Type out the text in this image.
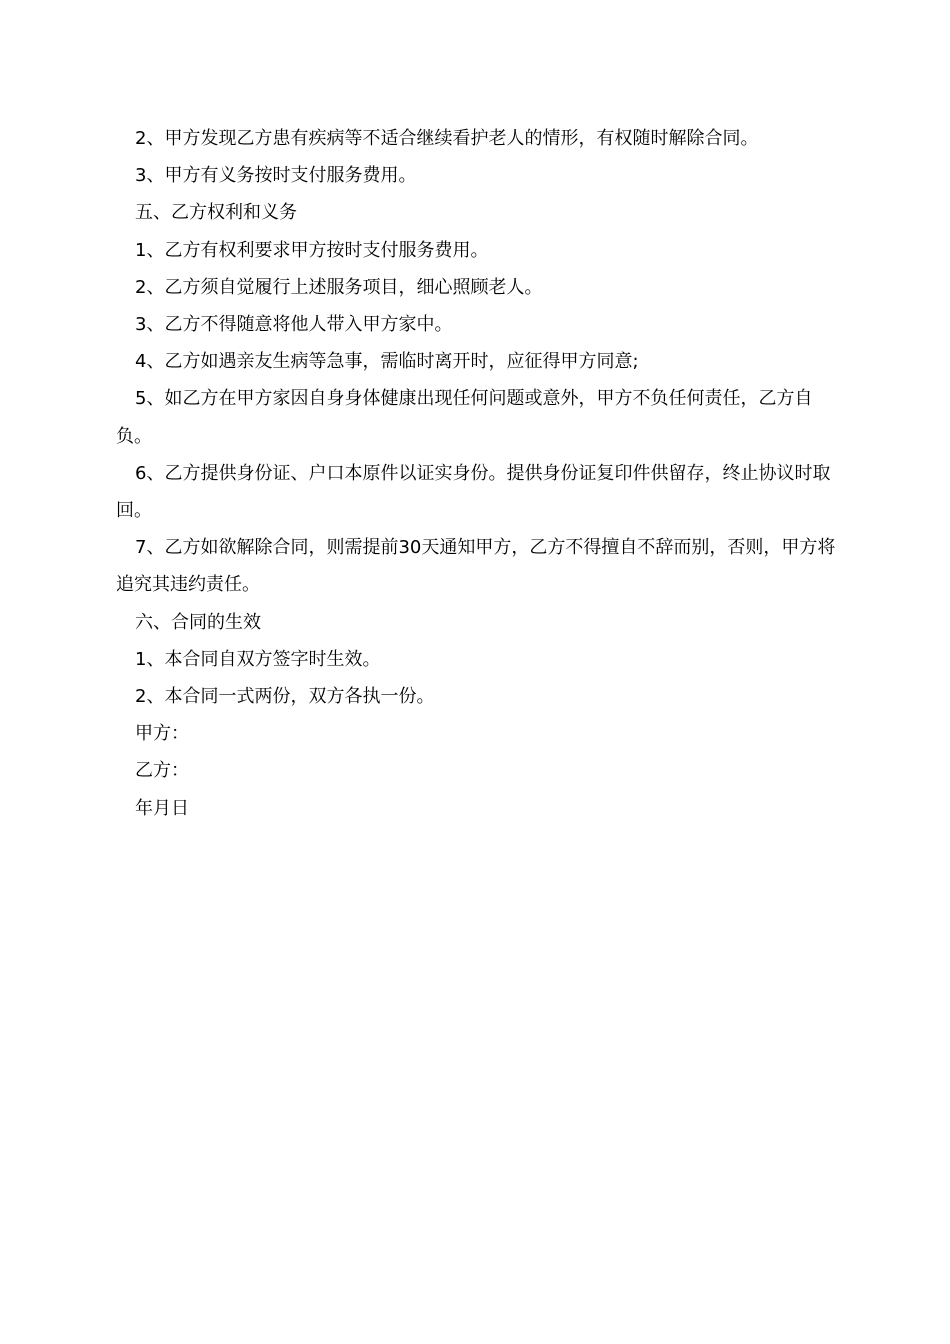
2、甲方发现乙方患有疾病等不适合继续看护老人的情形，有权随时解除合同。

3、甲方有义务按时支付服务费用。

五、乙方权利和义务

1、乙方有权利要求甲方按时支付服务费用。

2、乙方须自觉履行上述服务项目，细心照顾老人。

3、乙方不得随意将他人带入甲方家中。

4、乙方如遇亲友生病等急事，需临时离开时，应征得甲方同意;

5、如乙方在甲方家因自身身体健康出现任何问题或意外，甲方不负任何责任，乙方自负。

6、乙方提供身份证、户口本原件以证实身份。提供身份证复印件供留存，终止协议时取回。

7、乙方如欲解除合同，则需提前30天通知甲方，乙方不得擅自不辞而别，否则，甲方将追究其违约责任。

六、合同的生效

1、本合同自双方签字时生效。

2、本合同一式两份，双方各执一份。

甲方：

乙方：

年月日
